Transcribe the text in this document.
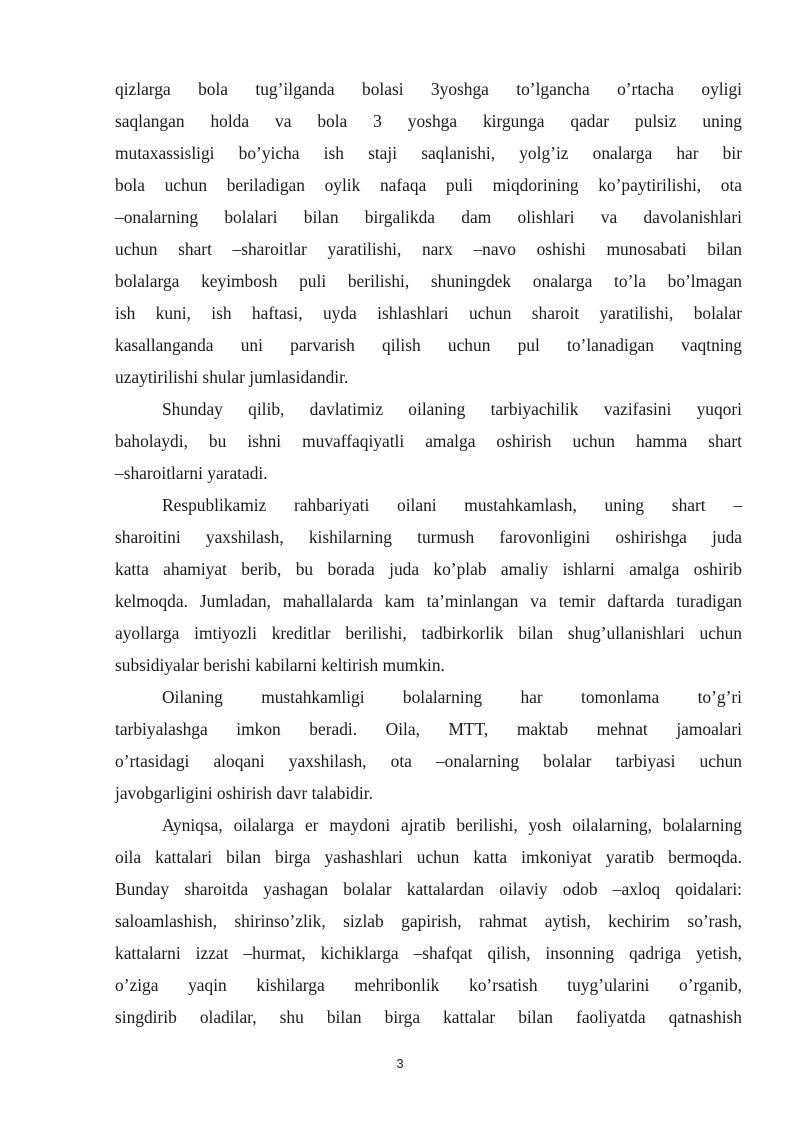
qizlarga bola tug’ilganda bolasi 3yoshga to’lgancha o’rtacha oyligi
saqlangan holda va bola 3 yoshga kirgunga qadar pulsiz uning
mutaxassisligi bo’yicha ish staji saqlanishi, yolg’iz onalarga har bir
bola uchun beriladigan oylik nafaqa puli miqdorining ko’paytirilishi, ota
–onalarning bolalari bilan birgalikda dam olishlari va davolanishlari
uchun shart –sharoitlar yaratilishi, narx –navo oshishi munosabati bilan
bolalarga keyimbosh puli berilishi, shuningdek onalarga to’la bo’lmagan
ish kuni, ish haftasi, uyda ishlashlari uchun sharoit yaratilishi, bolalar
kasallanganda uni parvarish qilish uchun pul to’lanadigan vaqtning
uzaytirilishi shular jumlasidandir.
Shunday qilib, davlatimiz oilaning tarbiyachilik vazifasini yuqori
baholaydi, bu ishni muvaffaqiyatli amalga oshirish uchun hamma shart
–sharoitlarni yaratadi.
Respublikamiz rahbariyati oilani mustahkamlash, uning shart –
sharoitini yaxshilash, kishilarning turmush farovonligini oshirishga juda
katta ahamiyat berib, bu borada juda ko’plab amaliy ishlarni amalga oshirib
kelmoqda. Jumladan, mahallalarda kam ta’minlangan va temir daftarda turadigan
ayollarga imtiyozli kreditlar berilishi, tadbirkorlik bilan shug’ullanishlari uchun
subsidiyalar berishi kabilarni keltirish mumkin.
Oilaning mustahkamligi bolalarning har tomonlama to’g’ri
tarbiyalashga imkon beradi. Oila, MTT, maktab mehnat jamoalari
o’rtasidagi aloqani yaxshilash, ota –onalarning bolalar tarbiyasi uchun
javobgarligini oshirish davr talabidir.
Ayniqsa, oilalarga er maydoni ajratib berilishi, yosh oilalarning, bolalarning
oila kattalari bilan birga yashashlari uchun katta imkoniyat yaratib bermoqda.
Bunday sharoitda yashagan bolalar kattalardan oilaviy odob –axloq qoidalari:
saloamlashish, shirinso’zlik, sizlab gapirish, rahmat aytish, kechirim so’rash,
kattalarni izzat –hurmat, kichiklarga –shafqat qilish, insonning qadriga yetish,
o’ziga yaqin kishilarga mehribonlik ko’rsatish tuyg’ularini o’rganib,
singdirib oladilar, shu bilan birga kattalar bilan faoliyatda qatnashish
3
